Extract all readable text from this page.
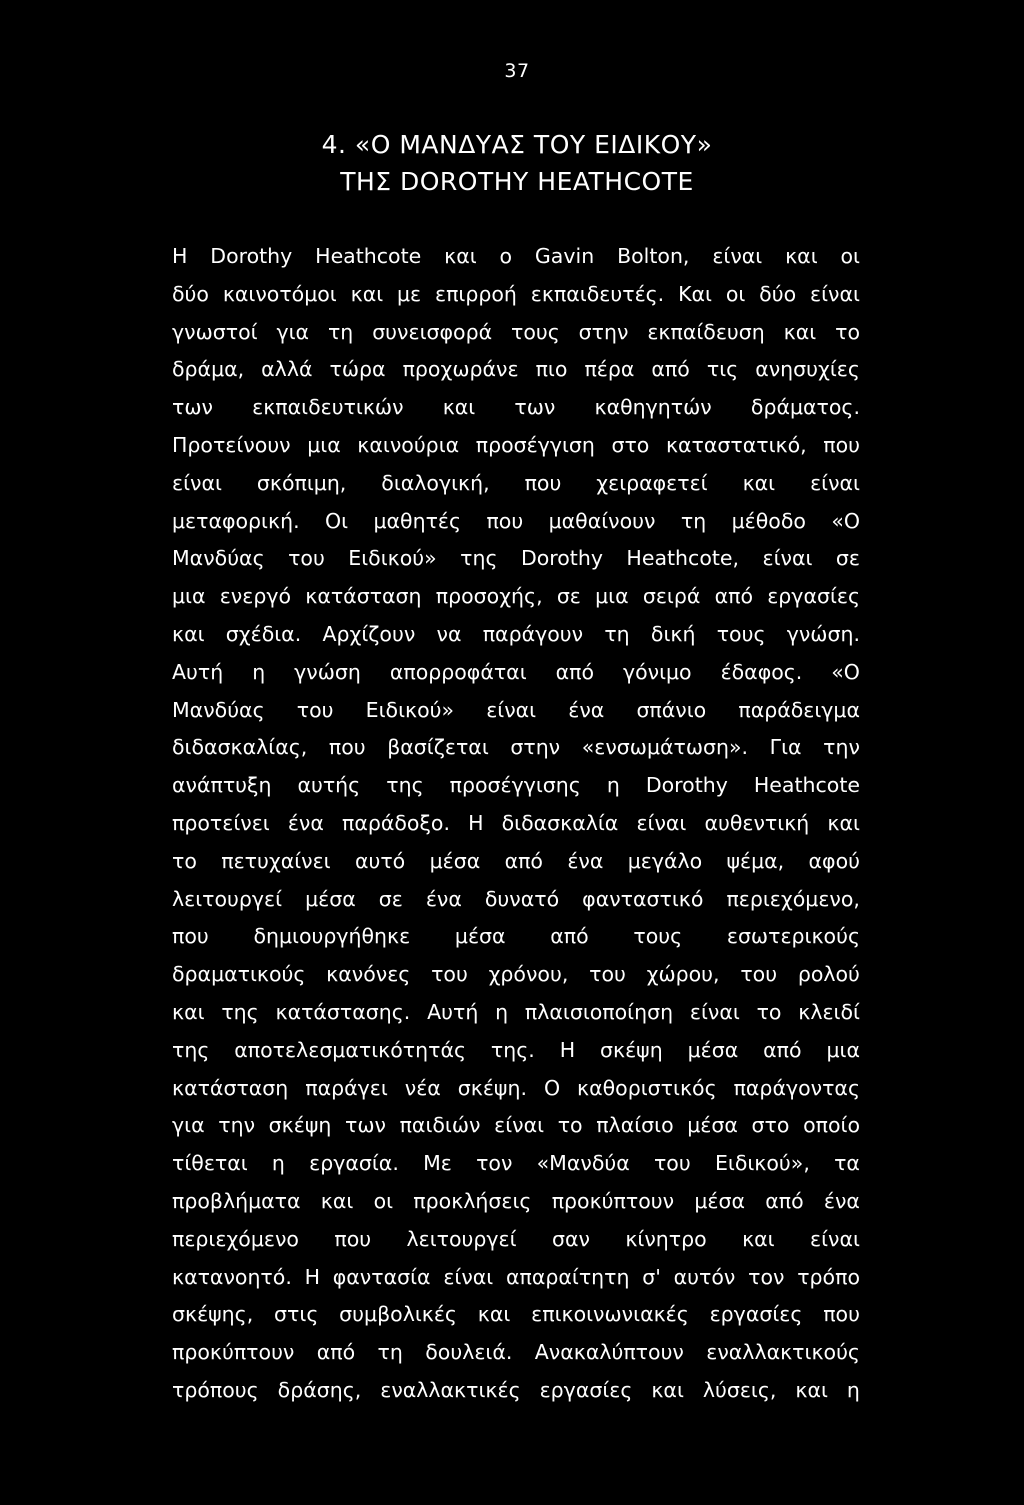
37
4. «Ο ΜΑΝΔΥΑΣ ΤΟΥ ΕΙΔΙΚΟΥ»
ΤΗΣ DOROTHY HEATHCOTE
Η Dorothy Heathcote και ο Gavin Bolton, είναι και οι
δύο καινοτόμοι και με επιρροή εκπαιδευτές. Και οι δύο είναι
γνωστοί για τη συνεισφορά τους στην εκπαίδευση και το
δράμα, αλλά τώρα προχωράνε πιο πέρα από τις ανησυχίες
των εκπαιδευτικών και των καθηγητών δράματος.
Προτείνουν μια καινούρια προσέγγιση στο καταστατικό, που
είναι σκόπιμη, διαλογική, που χειραφετεί και είναι
μεταφορική. Οι μαθητές που μαθαίνουν τη μέθοδο «Ο
Μανδύας του Ειδικού» της Dorothy Heathcote, είναι σε
μια ενεργό κατάσταση προσοχής, σε μια σειρά από εργασίες
και σχέδια. Αρχίζουν να παράγουν τη δική τους γνώση.
Αυτή η γνώση απορροφάται από γόνιμο έδαφος. «Ο
Μανδύας του Ειδικού» είναι ένα σπάνιο παράδειγμα
διδασκαλίας, που βασίζεται στην «ενσωμάτωση». Για την
ανάπτυξη αυτής της προσέγγισης η Dorothy Heathcote
προτείνει ένα παράδοξο. Η διδασκαλία είναι αυθεντική και
το πετυχαίνει αυτό μέσα από ένα μεγάλο ψέμα, αφού
λειτουργεί μέσα σε ένα δυνατό φανταστικό περιεχόμενο,
που δημιουργήθηκε μέσα από τους εσωτερικούς
δραματικούς κανόνες του χρόνου, του χώρου, του ρολού
και της κατάστασης. Αυτή η πλαισιοποίηση είναι το κλειδί
της αποτελεσματικότητάς της. Η σκέψη μέσα από μια
κατάσταση παράγει νέα σκέψη. Ο καθοριστικός παράγοντας
για την σκέψη των παιδιών είναι το πλαίσιο μέσα στο οποίο
τίθεται η εργασία. Με τον «Μανδύα του Ειδικού», τα
προβλήματα και οι προκλήσεις προκύπτουν μέσα από ένα
περιεχόμενο που λειτουργεί σαν κίνητρο και είναι
κατανοητό. Η φαντασία είναι απαραίτητη σ' αυτόν τον τρόπο
σκέψης, στις συμβολικές και επικοινωνιακές εργασίες που
προκύπτουν από τη δουλειά. Ανακαλύπτουν εναλλακτικούς
τρόπους δράσης, εναλλακτικές εργασίες και λύσεις, και η
